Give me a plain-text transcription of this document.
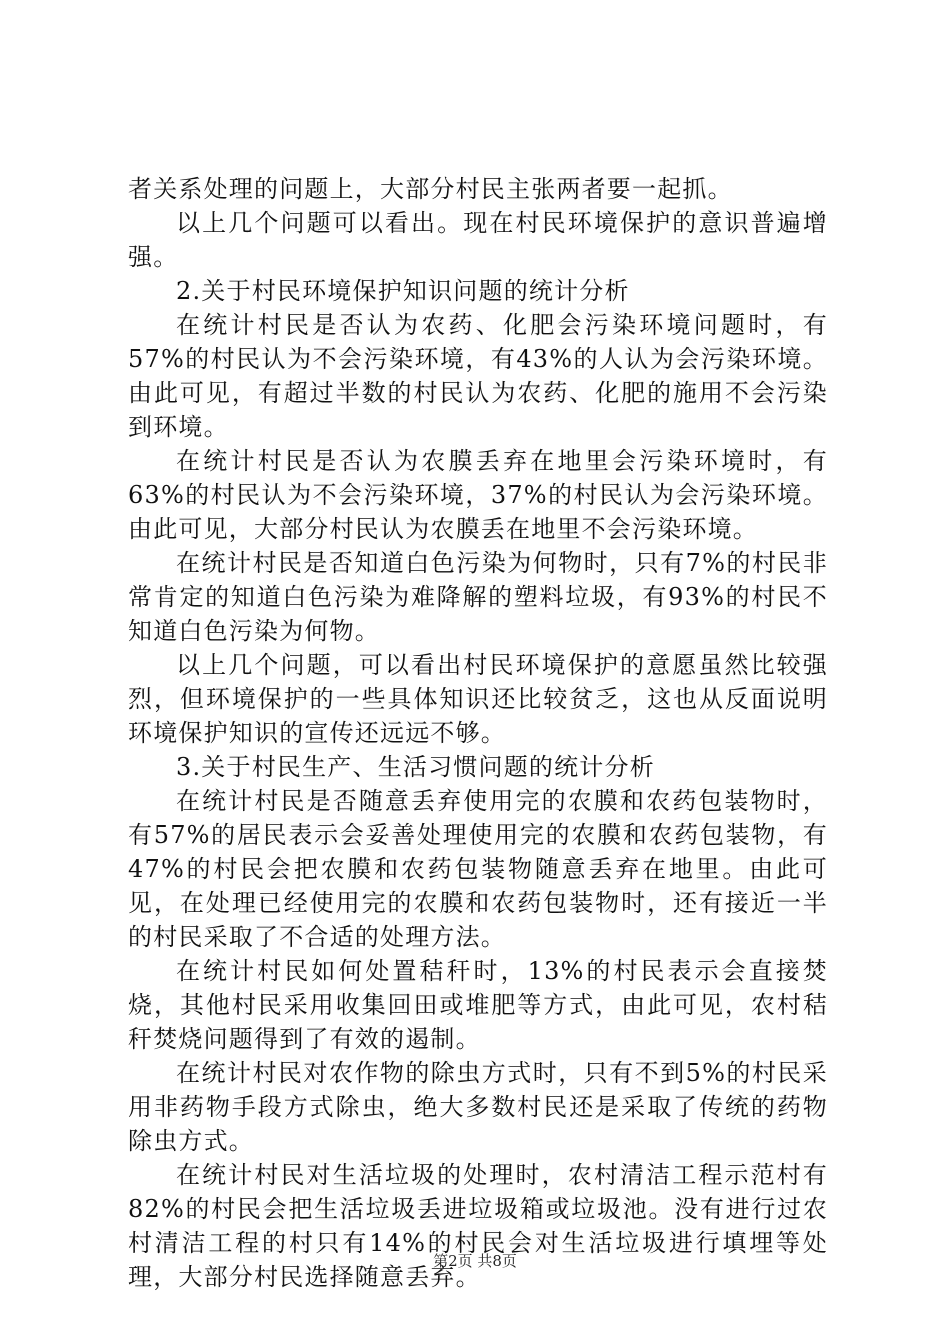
者关系处理的问题上，大部分村民主张两者要一起抓。

以上几个问题可以看出。现在村民环境保护的意识普遍增强。

2.关于村民环境保护知识问题的统计分析

在统计村民是否认为农药、化肥会污染环境问题时，有57%的村民认为不会污染环境，有43%的人认为会污染环境。由此可见，有超过半数的村民认为农药、化肥的施用不会污染到环境。

在统计村民是否认为农膜丢弃在地里会污染环境时，有63%的村民认为不会污染环境，37%的村民认为会污染环境。由此可见，大部分村民认为农膜丢在地里不会污染环境。

在统计村民是否知道白色污染为何物时，只有7%的村民非常肯定的知道白色污染为难降解的塑料垃圾，有93%的村民不知道白色污染为何物。

以上几个问题，可以看出村民环境保护的意愿虽然比较强烈，但环境保护的一些具体知识还比较贫乏，这也从反面说明环境保护知识的宣传还远远不够。

3.关于村民生产、生活习惯问题的统计分析

在统计村民是否随意丢弃使用完的农膜和农药包装物时，有57%的居民表示会妥善处理使用完的农膜和农药包装物，有47%的村民会把农膜和农药包装物随意丢弃在地里。由此可见，在处理已经使用完的农膜和农药包装物时，还有接近一半的村民采取了不合适的处理方法。

在统计村民如何处置秸秆时，13%的村民表示会直接焚烧，其他村民采用收集回田或堆肥等方式，由此可见，农村秸秆焚烧问题得到了有效的遏制。

在统计村民对农作物的除虫方式时，只有不到5%的村民采用非药物手段方式除虫，绝大多数村民还是采取了传统的药物除虫方式。

在统计村民对生活垃圾的处理时，农村清洁工程示范村有82%的村民会把生活垃圾丢进垃圾箱或垃圾池。没有进行过农村清洁工程的村只有14%的村民会对生活垃圾进行填埋等处理，大部分村民选择随意丢弃。

第2页 共8页
